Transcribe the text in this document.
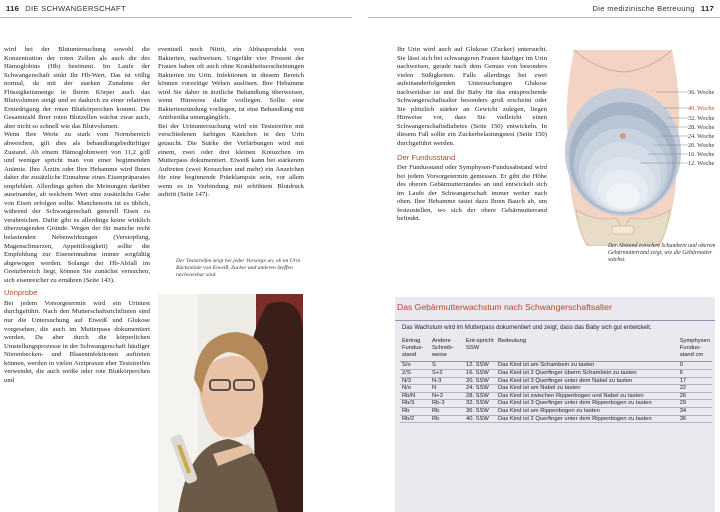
116 DIE SCHWANGERSCHAFT	Die medizinische Betreuung 117

wird bei der Blutuntersuchung sowohl die Konzentration der roten Zellen als auch die des Hämoglobins (Hb) bestimmt. Im Laufe der Schwangerschaft sinkt Ihr Hb-Wert. Das ist völlig normal, da mit der starken Zunahme der Flüssigkeitsmenge in Ihrem Körper auch das Blutvolumen steigt und es dadurch zu einer relativen Erniedrigung der roten Blutkörperchen kommt. Die Gesamtzahl Ihrer roten Blutzellen wächst zwar auch, aber nicht so schnell wie das Blutvolumen.

Wenn Ihre Werte zu stark vom Normbereich abweichen, gilt dies als behandlungsbedürftiger Zustand. Ab einem Hämoglobinwert von 11,2 g/dl und weniger spricht man von einer beginnenden Anämie. Ihre Ärztin oder Ihre Hebamme wird Ihnen daher die zusätzliche Einnahme eines Eisenpräparates empfehlen. Allerdings gehen die Meinungen darüber auseinander, ab welchem Wert eine zusätzliche Gabe von Eisen erfolgen sollte. Manchenorts ist es üblich, während der Schwangerschaft generell Eisen zu verabreichen. Dafür gibt es allerdings keine wirklich überzeugenden Gründe. Wegen der für manche recht belastenden Nebenwirkungen (Verstopfung, Magenschmerzen, Appetitlosigkeit) sollte die Empfehlung zur Eiseneinnahme immer sorgfältig abgewogen werden. Solange der Hb-Abfall im Grenzbereich liegt, können Sie zunächst versuchen, sich eisenreicher zu ernähren (Seite 143).

Urinprobe

Bei jedem Vorsorgetermin wird ein Urintest durchgeführt. Nach den Mutterschaftsrichtlinien sind nur die Untersuchung auf Eiweiß und Glukose vorgesehen, die auch im Mutterpass dokumentiert werden. Da aber durch die körperlichen Umstellungsprozesse in der Schwangerschaft häufiger Nierenbecken- und Blaseninfektionen auftreten können, werden in vielen Arztpraxen eher Teststreifen verwendet, die auch weiße oder rote Blutkörperchen und

eventuell noch Nitrit, ein Abbauprodukt von Bakterien, nachweisen. Ungefähr vier Prozent der Frauen haben oft auch ohne Krankheitserscheinungen Bakterien im Urin. Infektionen in diesem Bereich können vorzeitige Wehen auslösen. Ihre Hebamme wird Sie daher in ärztliche Behandlung überweisen, wenn Hinweise dafür vorliegen. Sollte eine Bakterienzündung vorliegen, ist eine Behandlung mit Antibiotika unumgänglich.

Bei der Urinuntersuchung wird ein Teststreifen mit verschiedenen farbigen Kästchen in den Urin getaucht. Die Stärke der Verfärbungen wird mit einem, zwei oder drei kleinen Kreuzchen im Mutterpass dokumentiert. Eiweiß kann bei stärkerem Auftreten (zwei Kreuzchen und mehr) ein Anzeichen für eine beginnende Präeklampsie sein, vor allem wenn es in Verbindung mit erhöhtem Blutdruck auftritt (Seite 147).

Der Teststreifen zeigt bei jeder Vorsorge an, ob im Urin Rückstände von Eiweiß, Zucker und anderen Stoffen nachweisbar sind.

Ihr Urin wird auch auf Glukose (Zucker) untersucht. Sie lässt sich bei schwangeren Frauen häufiger im Urin nachweisen, gerade nach dem Genuss von besonders vielen Süßigkeiten. Falls allerdings bei zwei aufeinanderfolgenden Untersuchungen Glukose nachweisbar ist und Ihr Baby für das entsprechende Schwangerschaftsalter besonders groß erscheint oder Sie plötzlich stärker an Gewicht zulegen, liegen Hinweise vor, dass Sie vielleicht einen Schwangerschaftsdiabetes (Seite 150) entwickeln. In diesem Fall sollte ein Zuckerbelastungstest (Seite 150) durchgeführt werden.

Der Fundusstand

Der Fundusstand oder Symphysen-Fundusabstand wird bei jedem Vorsorgetermin gemessen. Er gibt die Höhe des oberen Gebärmutterrandes an und entwickelt sich im Laufe der Schwangerschaft immer weiter nach oben. Ihre Hebamme tastet dazu Ihren Bauch ab, um festzustellen, wo sich der obere Gebärmutterrand befindet.

36. Woche
40. Woche
32. Woche
28. Woche
24. Woche
20. Woche
16. Woche
12. Woche
Der Abstand zwischen Schambein und oberem Gebärmutterrand zeigt, wie die Gebärmutter wächst.
Das Gebärmutterwachstum nach Schwangerschaftsalter
Das Wachstum wird im Mutterpass dokumentiert und zeigt, dass das Baby sich gut entwickelt.
Eintrag Fundus-stand	Andere Schreib-weise	Ent-spricht SSW	Bedeutung	Symphysen Fundus-stand cm
S/o	S	12. SSW	Das Kind ist am Schambein zu tasten	0
2/S	S+2	16. SSW	Das Kind ist 2 Querfinger überm Schambein zu tasten	6
N/3	N-3	20. SSW	Das Kind ist 3 Querfinger unter dem Nabel zu tasten	17
N/o	N	24. SSW	Das Kind ist am Nabel zu tasten	22
Rb/N	N+3	28. SSW	Das Kind ist zwischen Rippenbogen und Nabel zu tasten	26
Rb/3	Rb-3	32. SSW	Das Kind ist 3 Querfinger unter dem Rippenbogen zu tasten	29
Rb	Rb	36. SSW	Das Kind ist am Rippenbogen zu tasten	34
Rb/2	Rb	40. SSW	Das Kind ist 2 Querfinger unter dem Rippenbogen zu tasten	36
